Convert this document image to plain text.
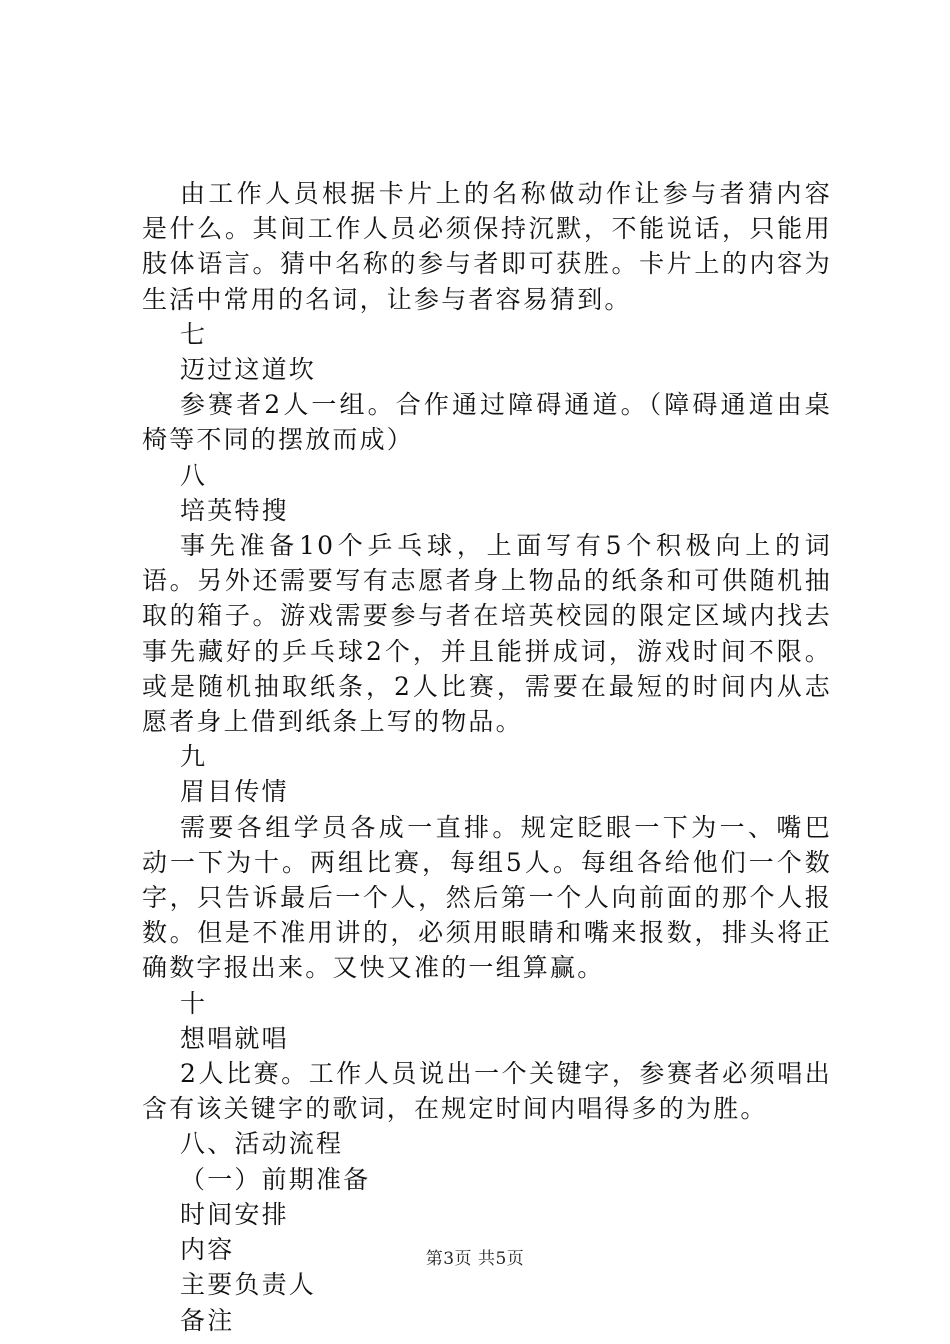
由工作人员根据卡片上的名称做动作让参与者猜内容是什么。其间工作人员必须保持沉默，不能说话，只能用肢体语言。猜中名称的参与者即可获胜。卡片上的内容为生活中常用的名词，让参与者容易猜到。

七

迈过这道坎

参赛者2人一组。合作通过障碍通道。（障碍通道由桌椅等不同的摆放而成）

八

培英特搜

事先准备10个乒乓球，上面写有5个积极向上的词语。另外还需要写有志愿者身上物品的纸条和可供随机抽取的箱子。游戏需要参与者在培英校园的限定区域内找去事先藏好的乒乓球2个，并且能拼成词，游戏时间不限。或是随机抽取纸条，2人比赛，需要在最短的时间内从志愿者身上借到纸条上写的物品。

九

眉目传情

需要各组学员各成一直排。规定眨眼一下为一、嘴巴动一下为十。两组比赛，每组5人。每组各给他们一个数字，只告诉最后一个人，然后第一个人向前面的那个人报数。但是不准用讲的，必须用眼睛和嘴来报数，排头将正确数字报出来。又快又准的一组算赢。

十

想唱就唱

2人比赛。工作人员说出一个关键字，参赛者必须唱出含有该关键字的歌词，在规定时间内唱得多的为胜。

八、活动流程

（一）前期准备

时间安排

内容

主要负责人

备注

第3页 共5页
